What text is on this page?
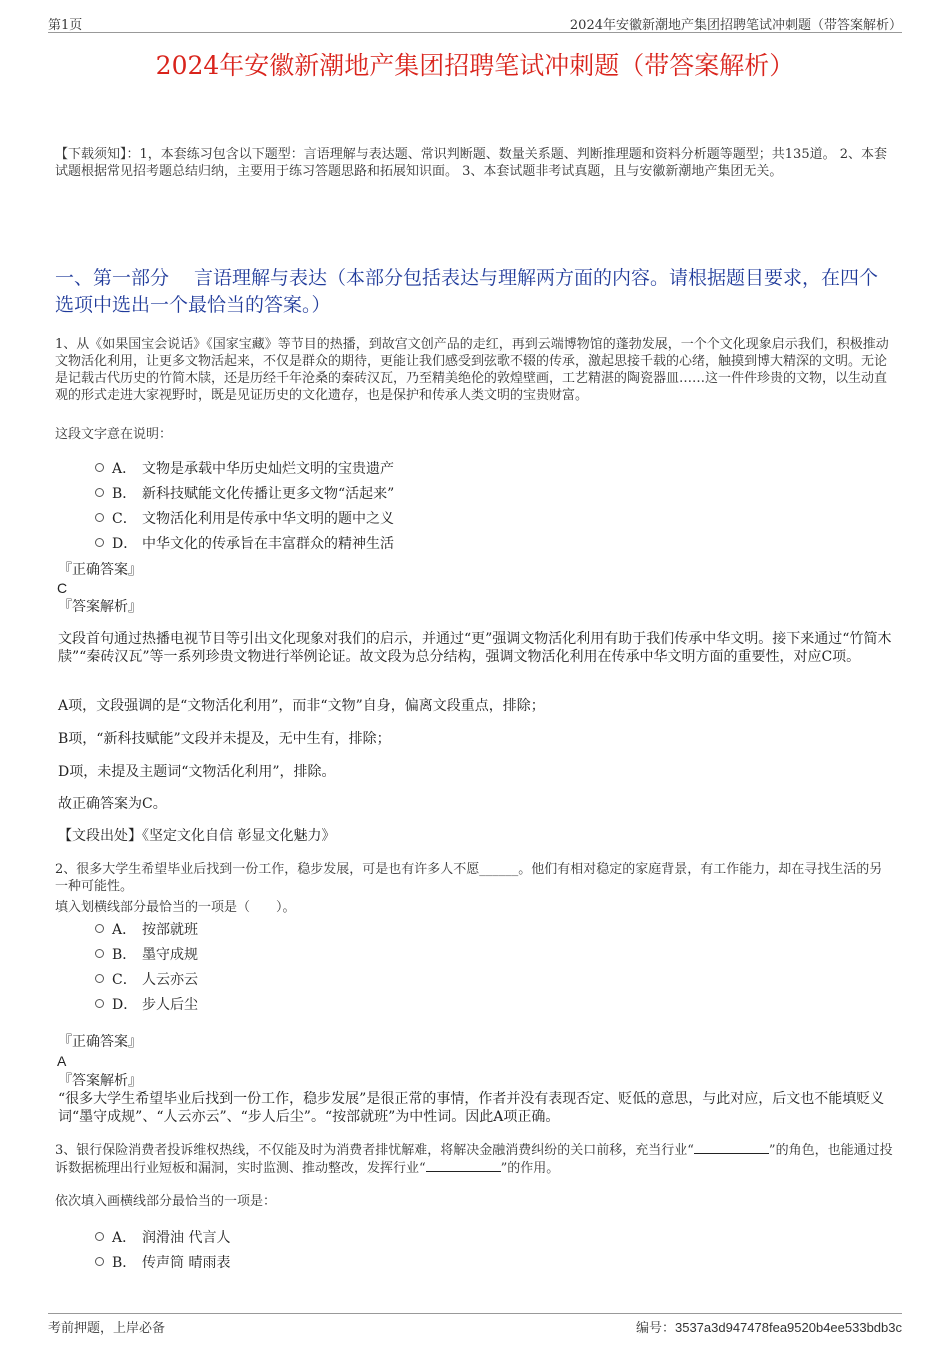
第1页	2024年安徽新潮地产集团招聘笔试冲刺题（带答案解析）
2024年安徽新潮地产集团招聘笔试冲刺题（带答案解析）
【下载须知】：1，本套练习包含以下题型：言语理解与表达题、常识判断题、数量关系题、判断推理题和资料分析题等题型；共135道。 2、本套试题根据常见招考题总结归纳，主要用于练习答题思路和拓展知识面。 3、本套试题非考试真题，且与安徽新潮地产集团无关。
一、第一部分　 言语理解与表达（本部分包括表达与理解两方面的内容。请根据题目要求，在四个选项中选出一个最恰当的答案。）
1、从《如果国宝会说话》《国家宝藏》等节目的热播，到故宫文创产品的走红，再到云端博物馆的蓬勃发展，一个个文化现象启示我们，积极推动文物活化利用，让更多文物活起来，不仅是群众的期待，更能让我们感受到弦歌不辍的传承，激起思接千载的心绪，触摸到博大精深的文明。无论是记载古代历史的竹简木牍，还是历经千年沧桑的秦砖汉瓦，乃至精美绝伦的敦煌壁画，工艺精湛的陶瓷器皿……这一件件珍贵的文物，以生动直观的形式走进大家视野时，既是见证历史的文化遗存，也是保护和传承人类文明的宝贵财富。
这段文字意在说明：
A． 文物是承载中华历史灿烂文明的宝贵遗产
B． 新科技赋能文化传播让更多文物“活起来”
C． 文物活化利用是传承中华文明的题中之义
D． 中华文化的传承旨在丰富群众的精神生活
『正确答案』
C
『答案解析』
文段首句通过热播电视节目等引出文化现象对我们的启示，并通过“更”强调文物活化利用有助于我们传承中华文明。接下来通过“竹简木牍”“秦砖汉瓦”等一系列珍贵文物进行举例论证。故文段为总分结构，强调文物活化利用在传承中华文明方面的重要性，对应C项。
A项，文段强调的是“文物活化利用”，而非“文物”自身，偏离文段重点，排除；
B项，“新科技赋能”文段并未提及，无中生有，排除；
D项，未提及主题词“文物活化利用”，排除。
故正确答案为C。
【文段出处】《坚定文化自信 彰显文化魅力》
2、很多大学生希望毕业后找到一份工作，稳步发展，可是也有许多人不愿______。他们有相对稳定的家庭背景，有工作能力，却在寻找生活的另一种可能性。
填入划横线部分最恰当的一项是（　　）。
A． 按部就班
B． 墨守成规
C． 人云亦云
D． 步人后尘
『正确答案』
A
『答案解析』
“很多大学生希望毕业后找到一份工作，稳步发展”是很正常的事情，作者并没有表现否定、贬低的意思，与此对应，后文也不能填贬义词“墨守成规”、“人云亦云”、“步人后尘”。“按部就班”为中性词。因此A项正确。
3、银行保险消费者投诉维权热线，不仅能及时为消费者排忧解难，将解决金融消费纠纷的关口前移，充当行业“	”的角色，也能通过投诉数据梳理出行业短板和漏洞，实时监测、推动整改，发挥行业“	”的作用。
依次填入画横线部分最恰当的一项是：
A． 润滑油 代言人
B． 传声筒 晴雨表
考前押题，上岸必备	编号：3537a3d947478fea9520b4ee533bdb3c
